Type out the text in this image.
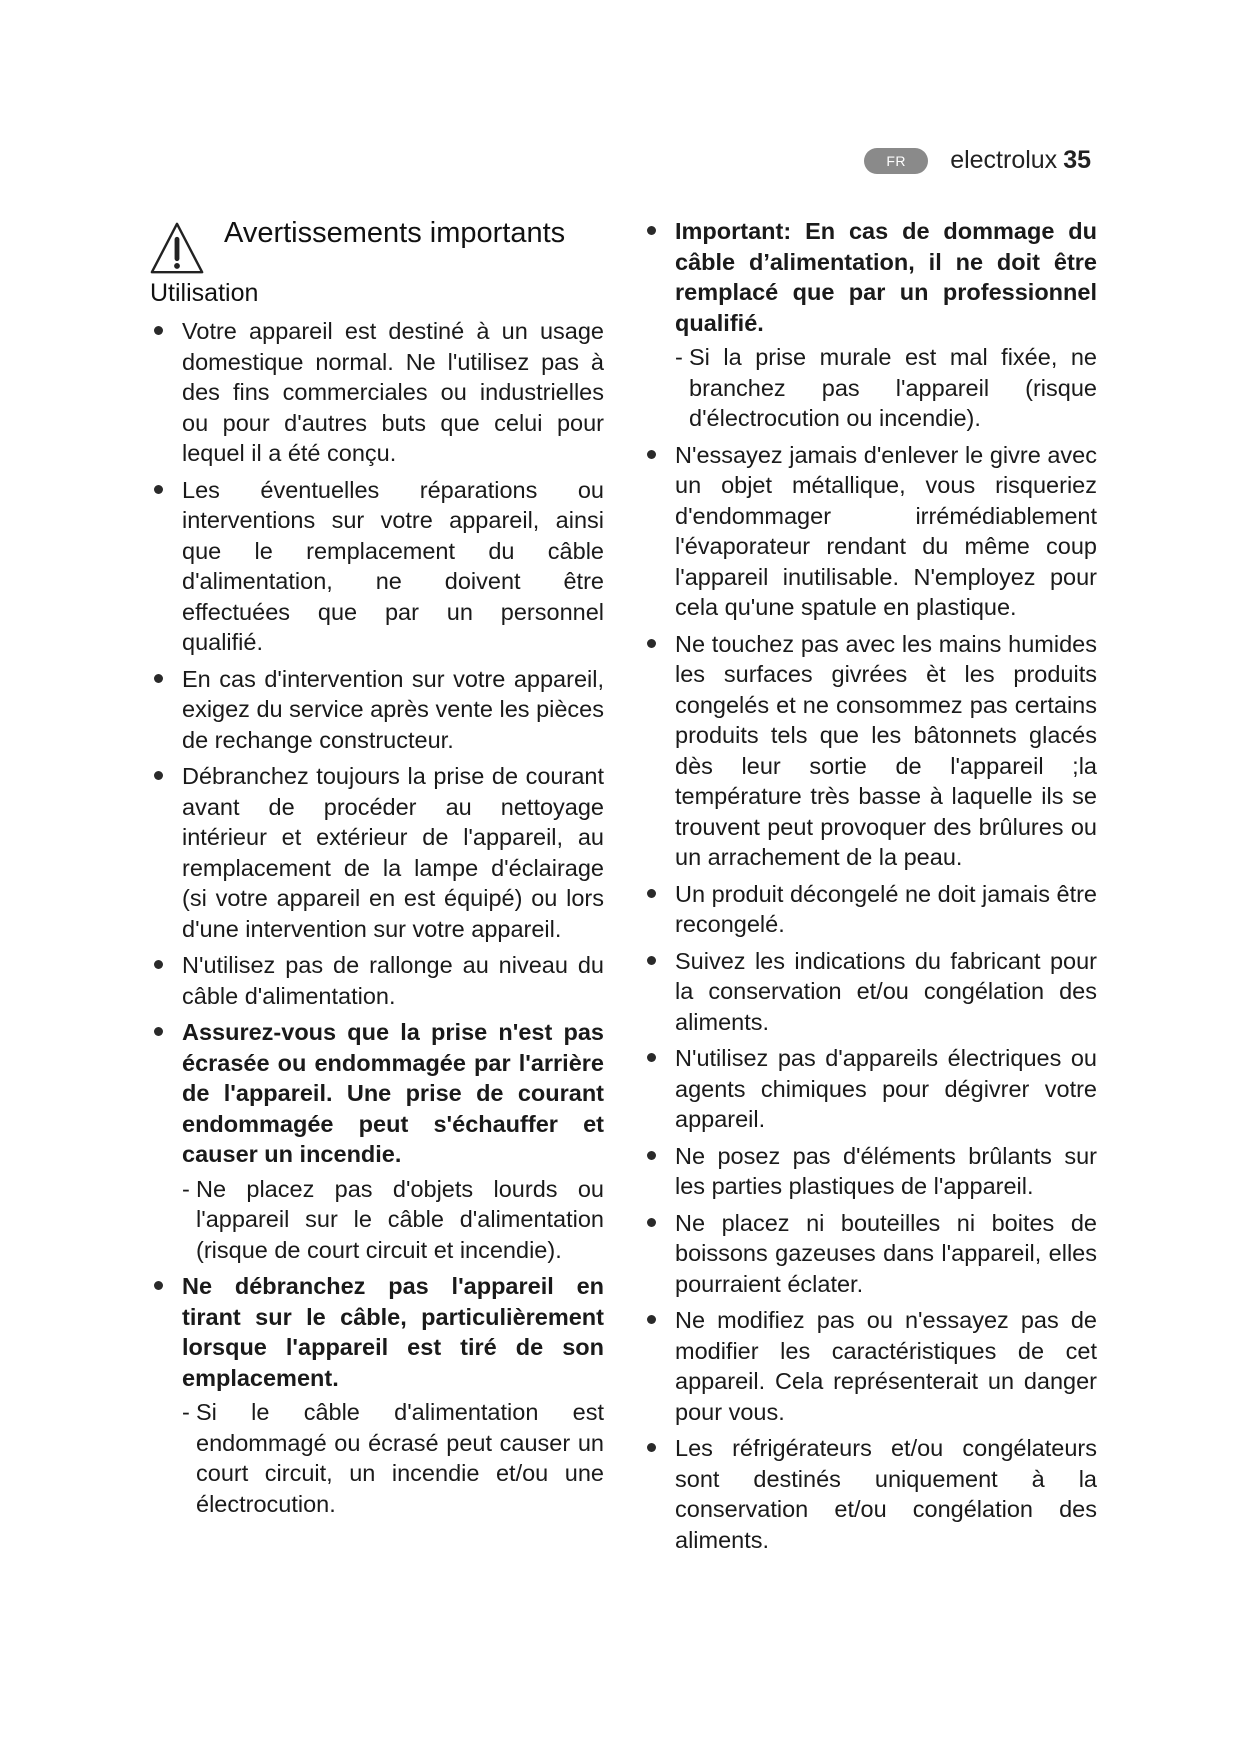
FR	electrolux 35
Avertissements importants
Utilisation
Votre appareil est destiné à un usage domestique normal. Ne l'utilisez pas à des fins commerciales ou industrielles ou pour d'autres buts que celui pour lequel il a été conçu.
Les éventuelles réparations ou interventions sur votre appareil, ainsi que le remplacement du câble d'alimentation, ne doivent être effectuées que par un personnel qualifié.
En cas d'intervention sur votre appareil, exigez du service après vente les pièces de rechange constructeur.
Débranchez toujours la prise de courant avant de procéder au nettoyage intérieur et extérieur de l'appareil, au remplacement de la lampe d'éclairage (si votre appareil en est équipé) ou lors d'une intervention sur votre appareil.
N'utilisez pas de rallonge au niveau du câble d'alimentation.
Assurez-vous que la prise n'est pas écrasée ou endommagée par l'arrière de l'appareil. Une prise de courant endommagée peut s'échauffer et causer un incendie.
- Ne placez pas d'objets lourds ou l'appareil sur le câble d'alimentation (risque de court circuit et incendie).
Ne débranchez pas l'appareil en tirant sur le câble, particulièrement lorsque l'appareil est tiré de son emplacement.
- Si le câble d'alimentation est endommagé ou écrasé peut causer un court circuit, un incendie et/ou une électrocution.
Important: En cas de dommage du câble d’alimentation, il ne doit être remplacé que par un professionnel qualifié.
- Si la prise murale est mal fixée, ne branchez pas l'appareil (risque d'électrocution ou incendie).
N'essayez jamais d'enlever le givre avec un objet métallique, vous risqueriez d'endommager irrémédiablement l'évaporateur rendant du même coup l'appareil inutilisable. N'employez pour cela qu'une spatule en plastique.
Ne touchez pas avec les mains humides les surfaces givrées èt les produits congelés et ne consommez pas certains produits tels que les bâtonnets glacés dès leur sortie de l'appareil ;la température très basse à laquelle ils se trouvent peut provoquer des brûlures ou un arrachement de la peau.
Un produit décongelé ne doit jamais être recongelé.
Suivez les indications du fabricant pour la conservation et/ou congélation des aliments.
N'utilisez pas d'appareils électriques ou agents chimiques pour dégivrer votre appareil.
Ne posez pas d'éléments brûlants sur les parties plastiques de l'appareil.
Ne placez ni bouteilles ni boites de boissons gazeuses dans l'appareil, elles pourraient éclater.
Ne modifiez pas ou n'essayez pas de modifier les caractéristiques de cet appareil. Cela représenterait un danger pour vous.
Les réfrigérateurs et/ou congélateurs sont destinés uniquement à la conservation et/ou congélation des aliments.
